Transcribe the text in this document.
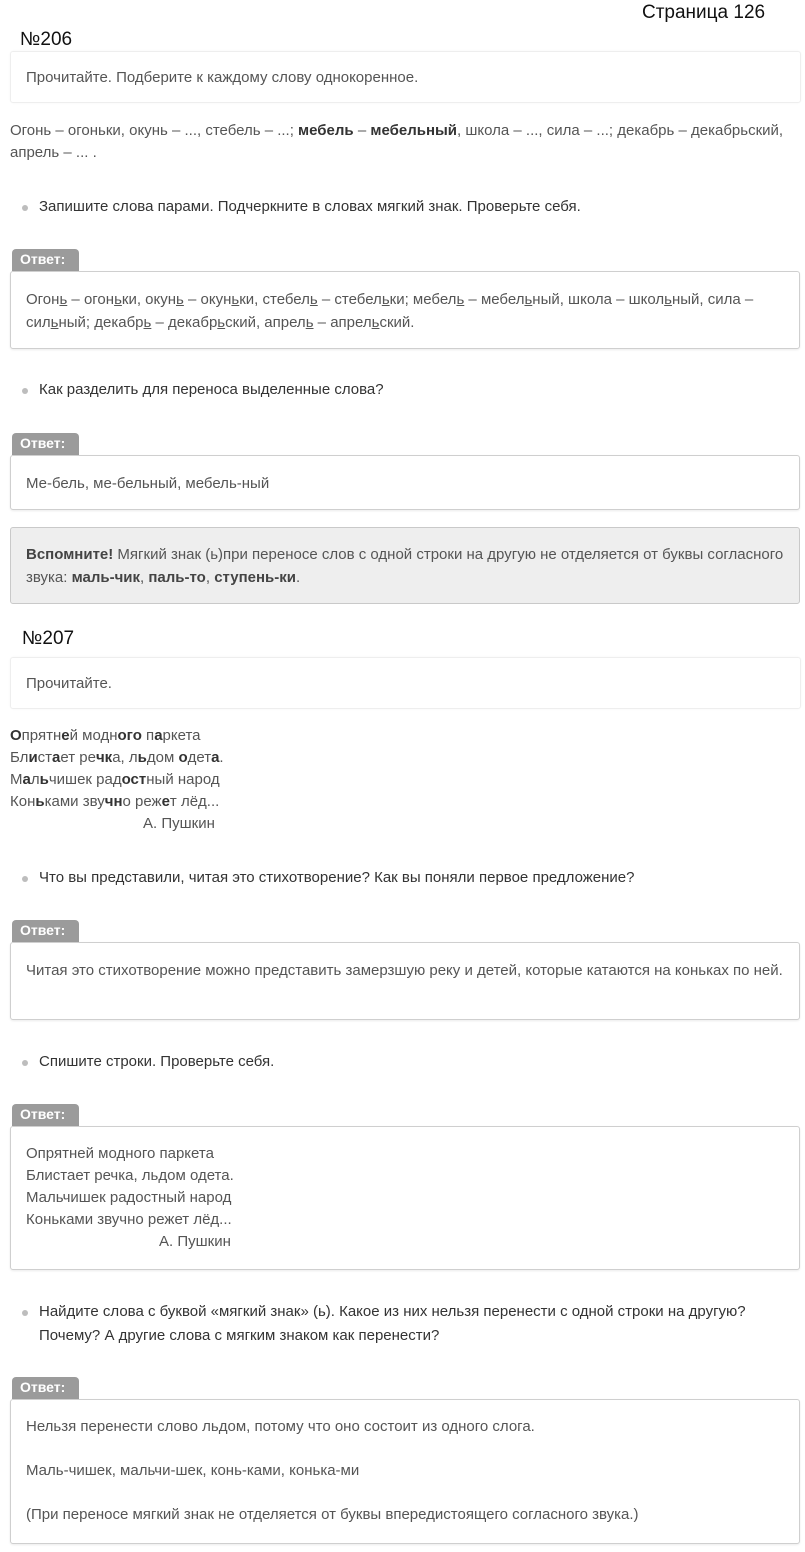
Страница 126
№206
Прочитайте. Подберите к каждому слову однокоренное.
Огонь – огоньки, окунь – ..., стебель – ...; мебель – мебельный, школа – ..., сила – ...; декабрь – декабрьский, апрель – ... .
Запишите слова парами. Подчеркните в словах мягкий знак. Проверьте себя.
Ответ:
Огонь – огоньки, окунь – окуньки, стебель – стебельки; мебель – мебельный, школа – школьный, сила – сильный; декабрь – декабрьский, апрель – апрельский.
Как разделить для переноса выделенные слова?
Ответ:
Ме-бель, ме-бельный, мебель-ный
Вспомните! Мягкий знак (ь)при переносе слов с одной строки на другую не отделяется от буквы согласного звука: маль-чик, паль-то, ступень-ки.
№207
Прочитайте.
Опрятней модного паркета
Блистает речка, льдом одета.
Мальчишек радостный народ
Коньками звучно режет лёд...
А. Пушкин
Что вы представили, читая это стихотворение? Как вы поняли первое предложение?
Ответ:
Читая это стихотворение можно представить замерзшую реку и детей, которые катаются на коньках по ней.
Спишите строки. Проверьте себя.
Ответ:
Опрятней модного паркета
Блистает речка, льдом одета.
Мальчишек радостный народ
Коньками звучно режет лёд...
А. Пушкин
Найдите слова с буквой «мягкий знак» (ь). Какое из них нельзя перенести с одной строки на другую? Почему? А другие слова с мягким знаком как перенести?
Ответ:
Нельзя перенести слово льдом, потому что оно состоит из одного слога.
Маль-чишек, мальчи-шек, конь-ками, конька-ми
(При переносе мягкий знак не отделяется от буквы впередистоящего согласного звука.)
